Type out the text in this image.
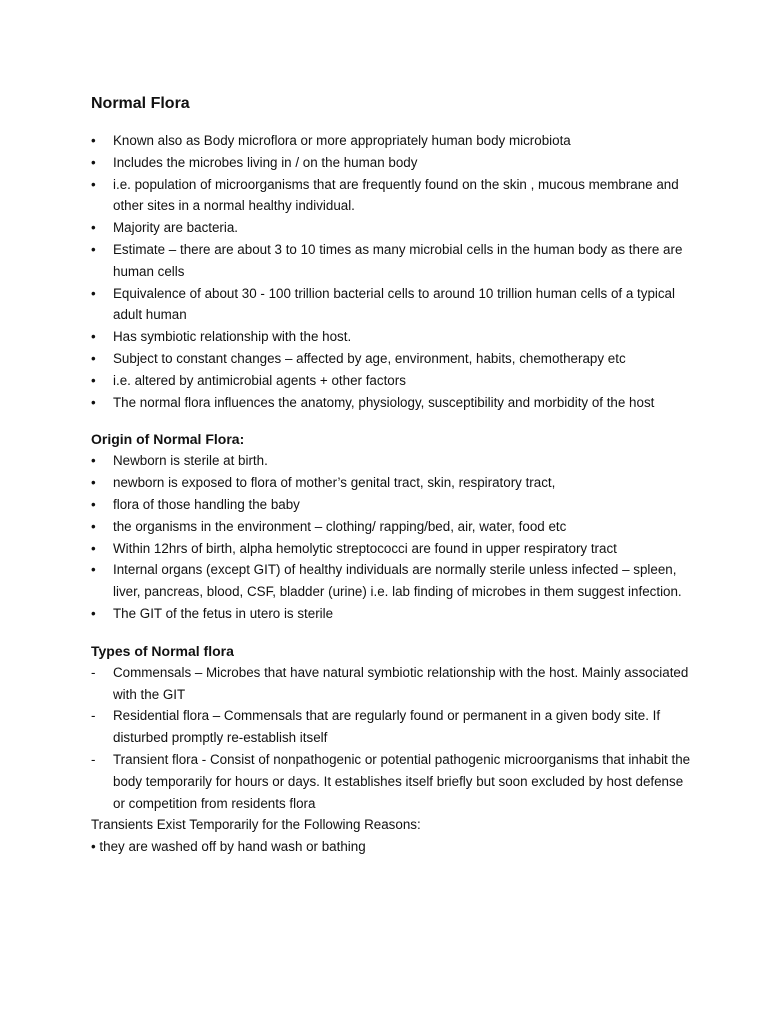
Normal Flora
•	Known also as Body microflora or more appropriately human body microbiota
•	Includes the microbes living in / on the human body
•	i.e. population of microorganisms that are frequently found on the skin , mucous membrane and other sites in a normal healthy individual.
•	Majority are bacteria.
•	Estimate – there are about 3 to 10 times as many microbial cells in the human body as there are human cells
•	Equivalence of about 30 - 100 trillion bacterial cells to around 10 trillion human cells of a typical adult human
•	Has symbiotic relationship with the host.
•	Subject to constant changes – affected by age, environment, habits, chemotherapy etc
•	i.e. altered by antimicrobial agents + other factors
•	The normal flora influences the anatomy, physiology, susceptibility and morbidity of the host
Origin of Normal Flora:
•	Newborn is sterile at birth.
•	newborn is exposed to flora of mother’s genital tract, skin, respiratory tract,
•	flora of those handling the baby
•	the organisms in the environment – clothing/ rapping/bed, air, water, food etc
•	Within 12hrs of birth, alpha hemolytic streptococci are found in upper respiratory tract
•	Internal organs (except GIT) of healthy individuals are normally sterile unless infected – spleen, liver, pancreas, blood, CSF, bladder (urine) i.e. lab finding of microbes in them suggest infection.
•	The GIT of the fetus in utero is sterile
Types of Normal flora
-	Commensals – Microbes that have natural symbiotic relationship with the host. Mainly associated with the GIT
-	Residential flora – Commensals that are regularly found or permanent in a given body site. If disturbed promptly re-establish itself
-	Transient flora - Consist of nonpathogenic or potential pathogenic microorganisms that inhabit the body temporarily for hours or days. It establishes itself briefly but soon excluded by host defense or competition from residents flora

Transients Exist Temporarily for the Following Reasons:

• they are washed off by hand wash or bathing
